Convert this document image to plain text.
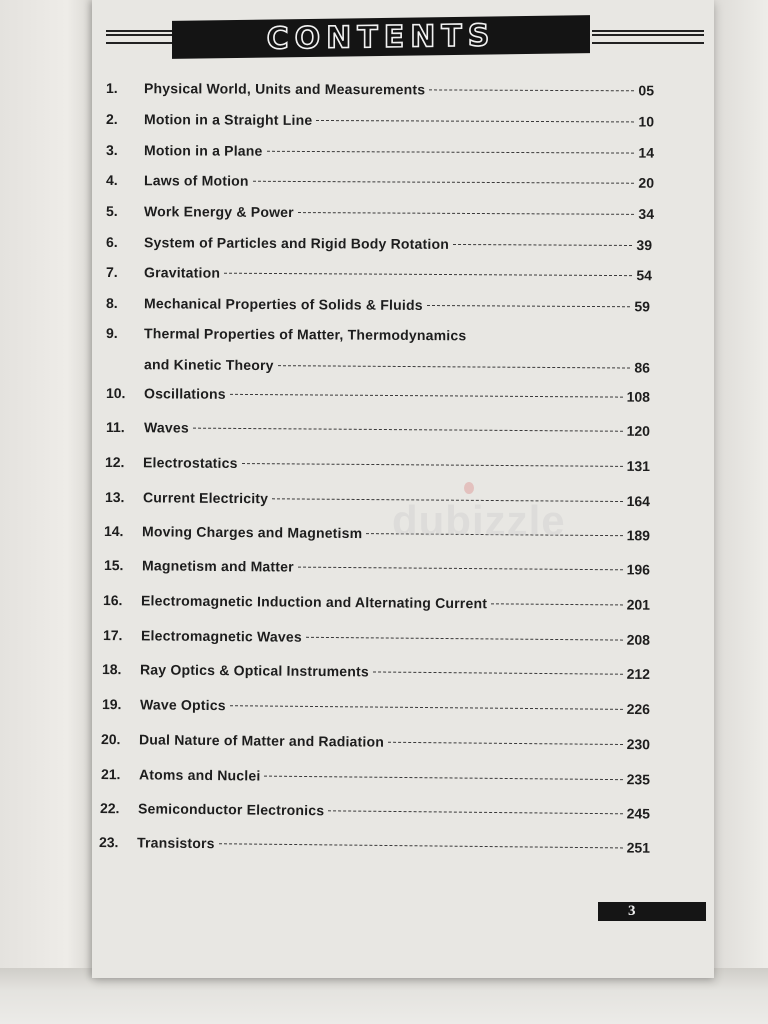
CONTENTS
1.	Physical World, Units and Measurements	05
2.	Motion in a Straight Line	10
3.	Motion in a Plane	14
4.	Laws of Motion	20
5.	Work Energy & Power	34
6.	System of Particles and Rigid Body Rotation	39
7.	Gravitation	54
8.	Mechanical Properties of Solids & Fluids	59
9.	Thermal Properties of Matter, Thermodynamics
and Kinetic Theory	86
10.	Oscillations	108
11.	Waves	120
12.	Electrostatics	131
13.	Current Electricity	164
14.	Moving Charges and Magnetism	189
15.	Magnetism and Matter	196
16.	Electromagnetic Induction and Alternating Current	201
17.	Electromagnetic Waves	208
18.	Ray Optics & Optical Instruments	212
19.	Wave Optics	226
20.	Dual Nature of Matter and Radiation	230
21.	Atoms and Nuclei	235
22.	Semiconductor Electronics	245
23.	Transistors	251
dubizzle
3
